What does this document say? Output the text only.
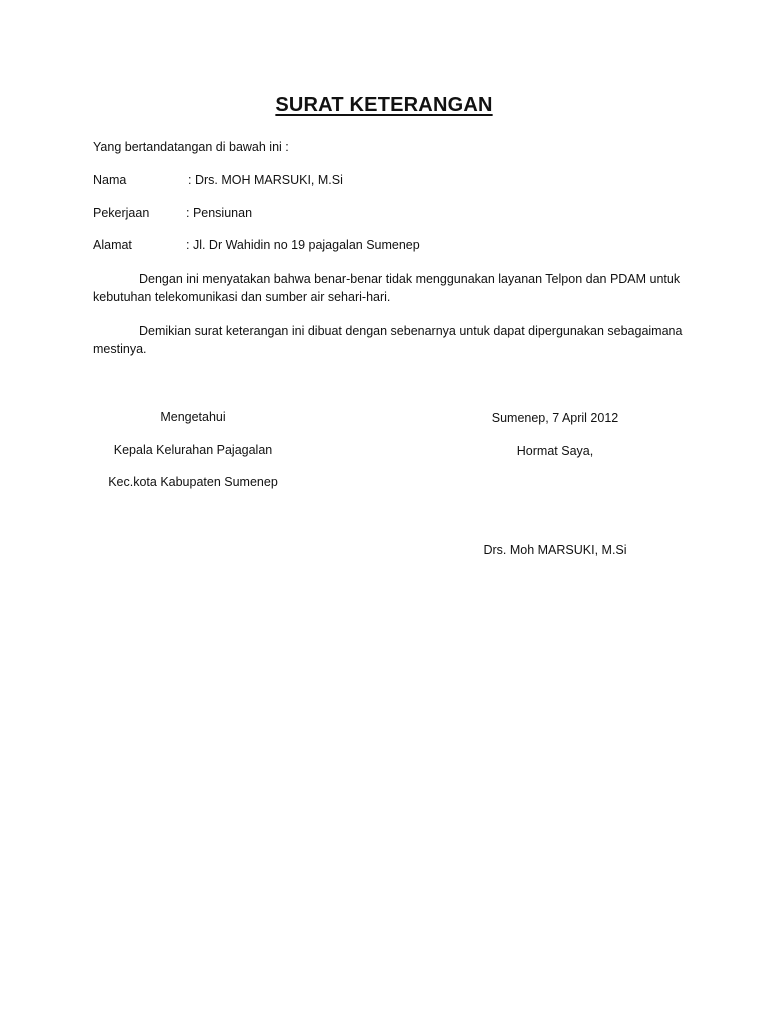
SURAT KETERANGAN
Yang bertandatangan di bawah ini :
Nama	: Drs. MOH MARSUKI, M.Si
Pekerjaan	: Pensiunan
Alamat	: Jl. Dr Wahidin no 19 pajagalan Sumenep
Dengan ini menyatakan bahwa benar-benar tidak menggunakan layanan Telpon dan PDAM untuk kebutuhan telekomunikasi dan sumber air sehari-hari.
Demikian surat keterangan ini dibuat dengan sebenarnya untuk dapat dipergunakan sebagaimana mestinya.
Mengetahui
Kepala Kelurahan Pajagalan
Kec.kota Kabupaten Sumenep
Sumenep, 7 April 2012
Hormat Saya,
Drs. Moh MARSUKI, M.Si
